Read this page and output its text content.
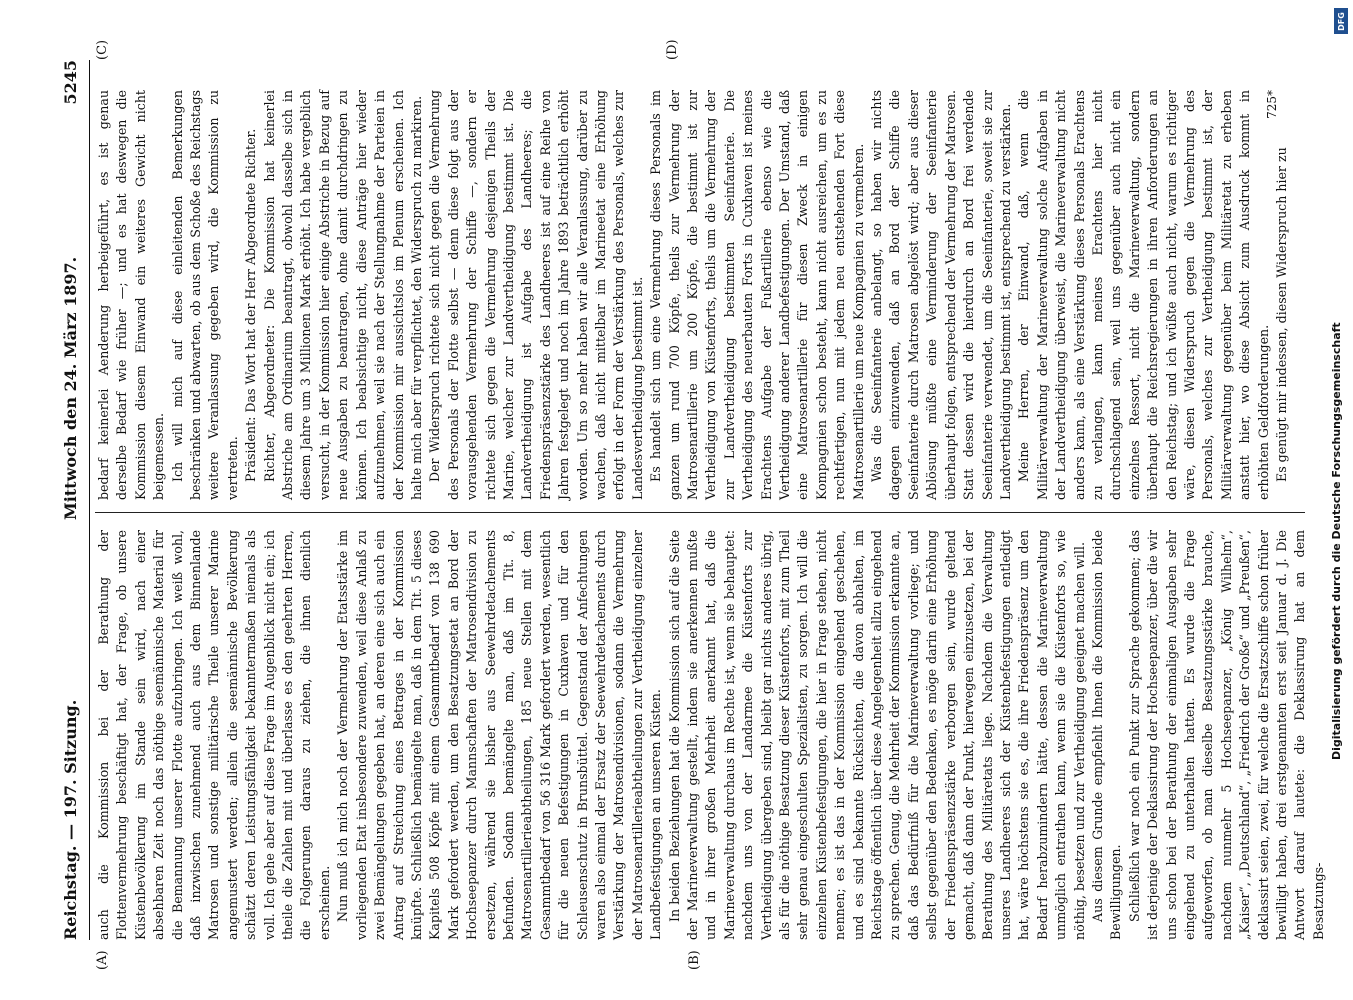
Reichstag. — 197. Sitzung.
Mittwoch den 24. März 1897.
5245
(A)	(B)
(C)	(D)

auch die Kommission bei der Berathung der Flottenvermehrung beschäftigt hat, der Frage, ob unsere Küstenbevölkerung im Stande sein wird, nach einer absehbaren Zeit noch das nöthige seemännische Material für die Bemannung unserer Flotte aufzubringen. Ich weiß wohl, daß inzwischen zunehmend auch aus dem Binnenlande Matrosen und sonstige militärische Theile unserer Marine angemustert werden; allein die seemännische Bevölkerung schätzt deren Leistungsfähigkeit bekanntermaßen niemals als voll. Ich gehe aber auf diese Frage im Augenblick nicht ein; ich theile die Zahlen mit und überlasse es den geehrten Herren, die Folgerungen daraus zu ziehen, die ihnen dienlich erscheinen. Nun muß ich mich noch der Vermehrung der Etatsstärke im vorliegenden Etat insbesondere zuwenden, weil diese Anlaß zu zwei Bemängelungen gegeben hat, an deren eine sich auch ein Antrag auf Streichung eines Betrages in der Kommission knüpfte. Schließlich bemängelte man, daß in dem Tit. 5 dieses Kapitels 508 Köpfe mit einem Gesammtbedarf von 138 690 Mark gefordert werden, um den Besatzungsetat an Bord der Hochseepanzer durch Mannschaften der Matrosendivision zu ersetzen, während sie bisher aus Seewehrdetachements befunden. Sodann bemängelte man, daß im Tit. 8, Matrosenartillerieabtheilungen, 185 neue Stellen mit dem Gesammtbedarf von 56 316 Mark gefordert werden, wesentlich für die neuen Befestigungen in Cuxhaven und für den Schleusenschutz in Brunsbüttel. Gegenstand der Anfechtungen waren also einmal der Ersatz der Seewehrdetachements durch Verstärkung der Matrosendivisionen, sodann die Vermehrung der Matrosenartillerieabtheilungen zur Vertheidigung einzelner Landbefestigungen an unseren Küsten. In beiden Beziehungen hat die Kommission sich auf die Seite der Marineverwaltung gestellt, indem sie anerkennen mußte und in ihrer großen Mehrheit anerkannt hat, daß die Marineverwaltung durchaus im Rechte ist, wenn sie behauptet: nachdem uns von der Landarmee die Küstenforts zur Vertheidigung übergeben sind, bleibt gar nichts anderes übrig, als für die nöthige Besatzung dieser Küstenforts, mit zum Theil sehr genau eingeschulten Spezialisten, zu sorgen. Ich will die einzelnen Küstenbefestigungen, die hier in Frage stehen, nicht nennen; es ist das in der Kommission eingehend geschehen, und es sind bekannte Rücksichten, die davon abhalten, im Reichstage öffentlich über diese Angelegenheit allzu eingehend zu sprechen. Genug, die Mehrheit der Kommission erkannte an, daß das Bedürfniß für die Marineverwaltung vorliege; und selbst gegenüber den Bedenken, es möge darin eine Erhöhung der Friedenspräsenzstärke verborgen sein, wurde geltend gemacht, daß dann der Punkt, hierwegen einzusetzen, bei der Berathung des Militäretats liege. Nachdem die Verwaltung unseres Landheeres sich der Küstenbefestigungen entledigt hat, wäre höchstens sie es, die ihre Friedenspräsenz um den Bedarf herabzumindern hätte, dessen die Marineverwaltung unmöglich entrathen kann, wenn sie die Küstenforts so, wie nöthig, besetzen und zur Vertheidigung geeignet machen will. Aus diesem Grunde empfiehlt Ihnen die Kommission beide Bewilligungen. Schließlich war noch ein Punkt zur Sprache gekommen; das ist derjenige der Deklassirung der Hochseepanzer, über die wir uns schon bei der Berathung der einmaligen Ausgaben sehr eingehend zu unterhalten hatten. Es wurde die Frage aufgeworfen, ob man dieselbe Besatzungsstärke brauche, nachdem nunmehr 5 Hochseepanzer, „König Wilhelm“, „Kaiser“, „Deutschland“, „Friedrich der Große“ und „Preußen“, deklassirt seien, zwei, für welche die Ersatzschiffe schon früher bewilligt haben, drei erstgenannten erst seit Januar d. J. Die Antwort darauf lautete: die Deklassirung hat an dem Besatzungs-

bedarf keinerlei Aenderung herbeigeführt, es ist genau derselbe Bedarf wie früher —; und es hat deswegen die Kommission diesem Einwand ein weiteres Gewicht nicht beigemessen. Ich will mich auf diese einleitenden Bemerkungen beschränken und abwarten, ob aus dem Schoße des Reichstags weitere Veranlassung gegeben wird, die Kommission zu vertreten. Präsident: Das Wort hat der Herr Abgeordnete Richter. Richter, Abgeordneter: Die Kommission hat keinerlei Abstriche am Ordinarium beantragt, obwohl dasselbe sich in diesem Jahre um 3 Millionen Mark erhöht. Ich habe vergeblich versucht, in der Kommission hier einige Abstriche in Bezug auf neue Ausgaben zu beantragen, ohne damit durchdringen zu können. Ich beabsichtige nicht, diese Anträge hier wieder aufzunehmen, weil sie nach der Stellungnahme der Parteien in der Kommission mir aussichtslos im Plenum erscheinen. Ich halte mich aber für verpflichtet, den Widerspruch zu markiren. Der Widerspruch richtete sich nicht gegen die Vermehrung des Personals der Flotte selbst — denn diese folgt aus der vorausgehenden Vermehrung der Schiffe —, sondern er richtete sich gegen die Vermehrung desjenigen Theils der Marine, welcher zur Landvertheidigung bestimmt ist. Die Landvertheidigung ist Aufgabe des Landheeres; die Friedenspräsenzstärke des Landheeres ist auf eine Reihe von Jahren festgelegt und noch im Jahre 1893 beträchtlich erhöht worden. Um so mehr haben wir alle Veranlassung, darüber zu wachen, daß nicht mittelbar im Marineetat eine Erhöhung erfolgt in der Form der Verstärkung des Personals, welches zur Landesvertheidigung bestimmt ist. Es handelt sich um eine Vermehrung dieses Personals im ganzen um rund 700 Köpfe, theils zur Vermehrung der Matrosenartillerie um 200 Köpfe, die bestimmt ist zur Vertheidigung von Küstenforts, theils um die Vermehrung der zur Landvertheidigung bestimmten Seeinfanterie. Die Vertheidigung des neuerbauten Forts in Cuxhaven ist meines Erachtens Aufgabe der Fußartillerie ebenso wie die Vertheidigung anderer Landbefestigungen. Der Umstand, daß eine Matrosenartillerie für diesen Zweck in einigen Kompagnien schon besteht, kann nicht ausreichen, um es zu rechtfertigen, nun mit jedem neu entstehenden Fort diese Matrosenartillerie um neue Kompagnien zu vermehren. Was die Seeinfanterie anbelangt, so haben wir nichts dagegen einzuwenden, daß an Bord der Schiffe die Seeinfanterie durch Matrosen abgelöst wird; aber aus dieser Ablösung müßte eine Verminderung der Seeinfanterie überhaupt folgen, entsprechend der Vermehrung der Matrosen. Statt dessen wird die hierdurch an Bord frei werdende Seeinfanterie verwendet, um die Seeinfanterie, soweit sie zur Landvertheidigung bestimmt ist, entsprechend zu verstärken. Meine Herren, der Einwand, daß, wenn die Militärverwaltung der Marineverwaltung solche Aufgaben in der Landvertheidigung überweist, die Marineverwaltung nicht anders kann, als eine Verstärkung dieses Personals Erachtens zu verlangen, kann meines Erachtens hier nicht durchschlagend sein, weil uns gegenüber auch nicht ein einzelnes Ressort, nicht die Marineverwaltung, sondern überhaupt die Reichsregierungen in ihren Anforderungen an den Reichstag; und ich wüßte auch nicht, warum es richtiger wäre, diesen Widerspruch gegen die Vermehrung des Personals, welches zur Vertheidigung bestimmt ist, der Militärverwaltung gegenüber beim Militäretat zu erheben anstatt hier, wo diese Absicht zum Ausdruck kommt in erhöhten Geldforderungen. Es genügt mir indessen, diesen Widerspruch hier zu

725*
DFG
Digitalisierung gefördert durch die Deutsche Forschungsgemeinschaft
